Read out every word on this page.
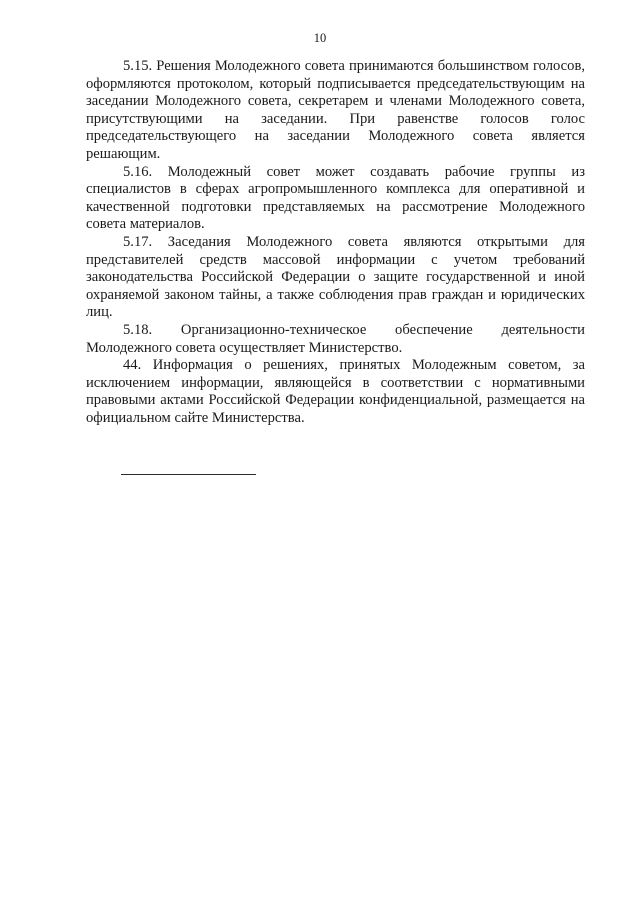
10

5.15. Решения Молодежного совета принимаются большинством голосов, оформляются протоколом, который подписывается председательствующим на заседании Молодежного совета, секретарем и членами Молодежного совета, присутствующими на заседании. При равенстве голосов голос председательствующего на заседании Молодежного совета является решающим.

5.16. Молодежный совет может создавать рабочие группы из специалистов в сферах агропромышленного комплекса для оперативной и качественной подготовки представляемых на рассмотрение Молодежного совета материалов.

5.17. Заседания Молодежного совета являются открытыми для представителей средств массовой информации с учетом требований законодательства Российской Федерации о защите государственной и иной охраняемой законом тайны, а также соблюдения прав граждан и юридических лиц.

5.18. Организационно-техническое обеспечение деятельности Молодежного совета осуществляет Министерство.

44. Информация о решениях, принятых Молодежным советом, за исключением информации, являющейся в соответствии с нормативными правовыми актами Российской Федерации конфиденциальной, размещается на официальном сайте Министерства.
